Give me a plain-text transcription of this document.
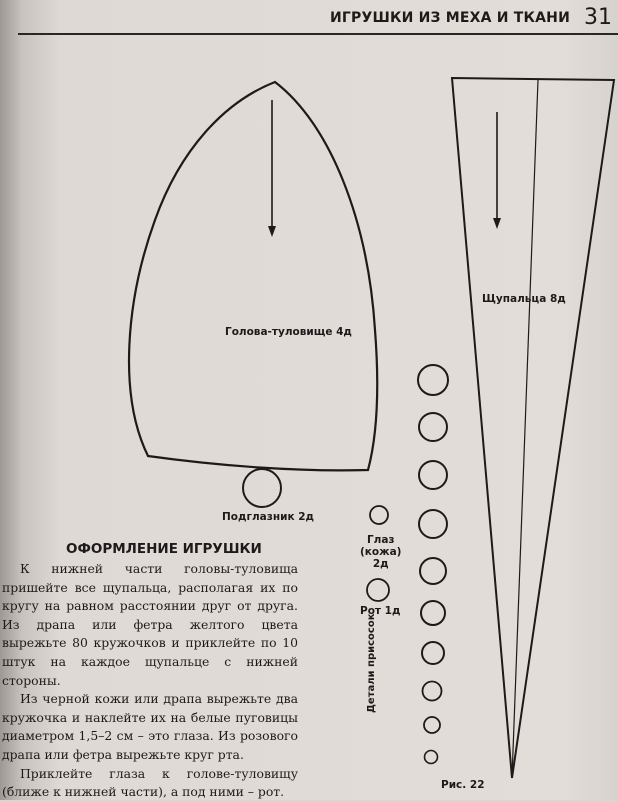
ИГРУШКИ ИЗ МЕХА И ТКАНИ 31
Голова-туловище 4д
Щупальца 8д
Подглазник 2д
Глаз
(кожа)
2д
Рот 1д
Детали присосок
Рис. 22
ОФОРМЛЕНИЕ ИГРУШКИ

К нижней части головы-туловища пришейте все щупальца, располагая их по кругу на равном расстоянии друг от друга. Из драпа или фетра желтого цвета вырежьте 80 кружочков и приклейте по 10 штук на каждое щупальце с нижней стороны.

Из черной кожи или драпа вырежьте два кружочка и наклейте их на белые пуговицы диаметром 1,5–2 см – это глаза. Из розового драпа или фетра вырежьте круг рта.

Приклейте глаза к голове-туловищу (ближе к нижней части), а под ними – рот.
